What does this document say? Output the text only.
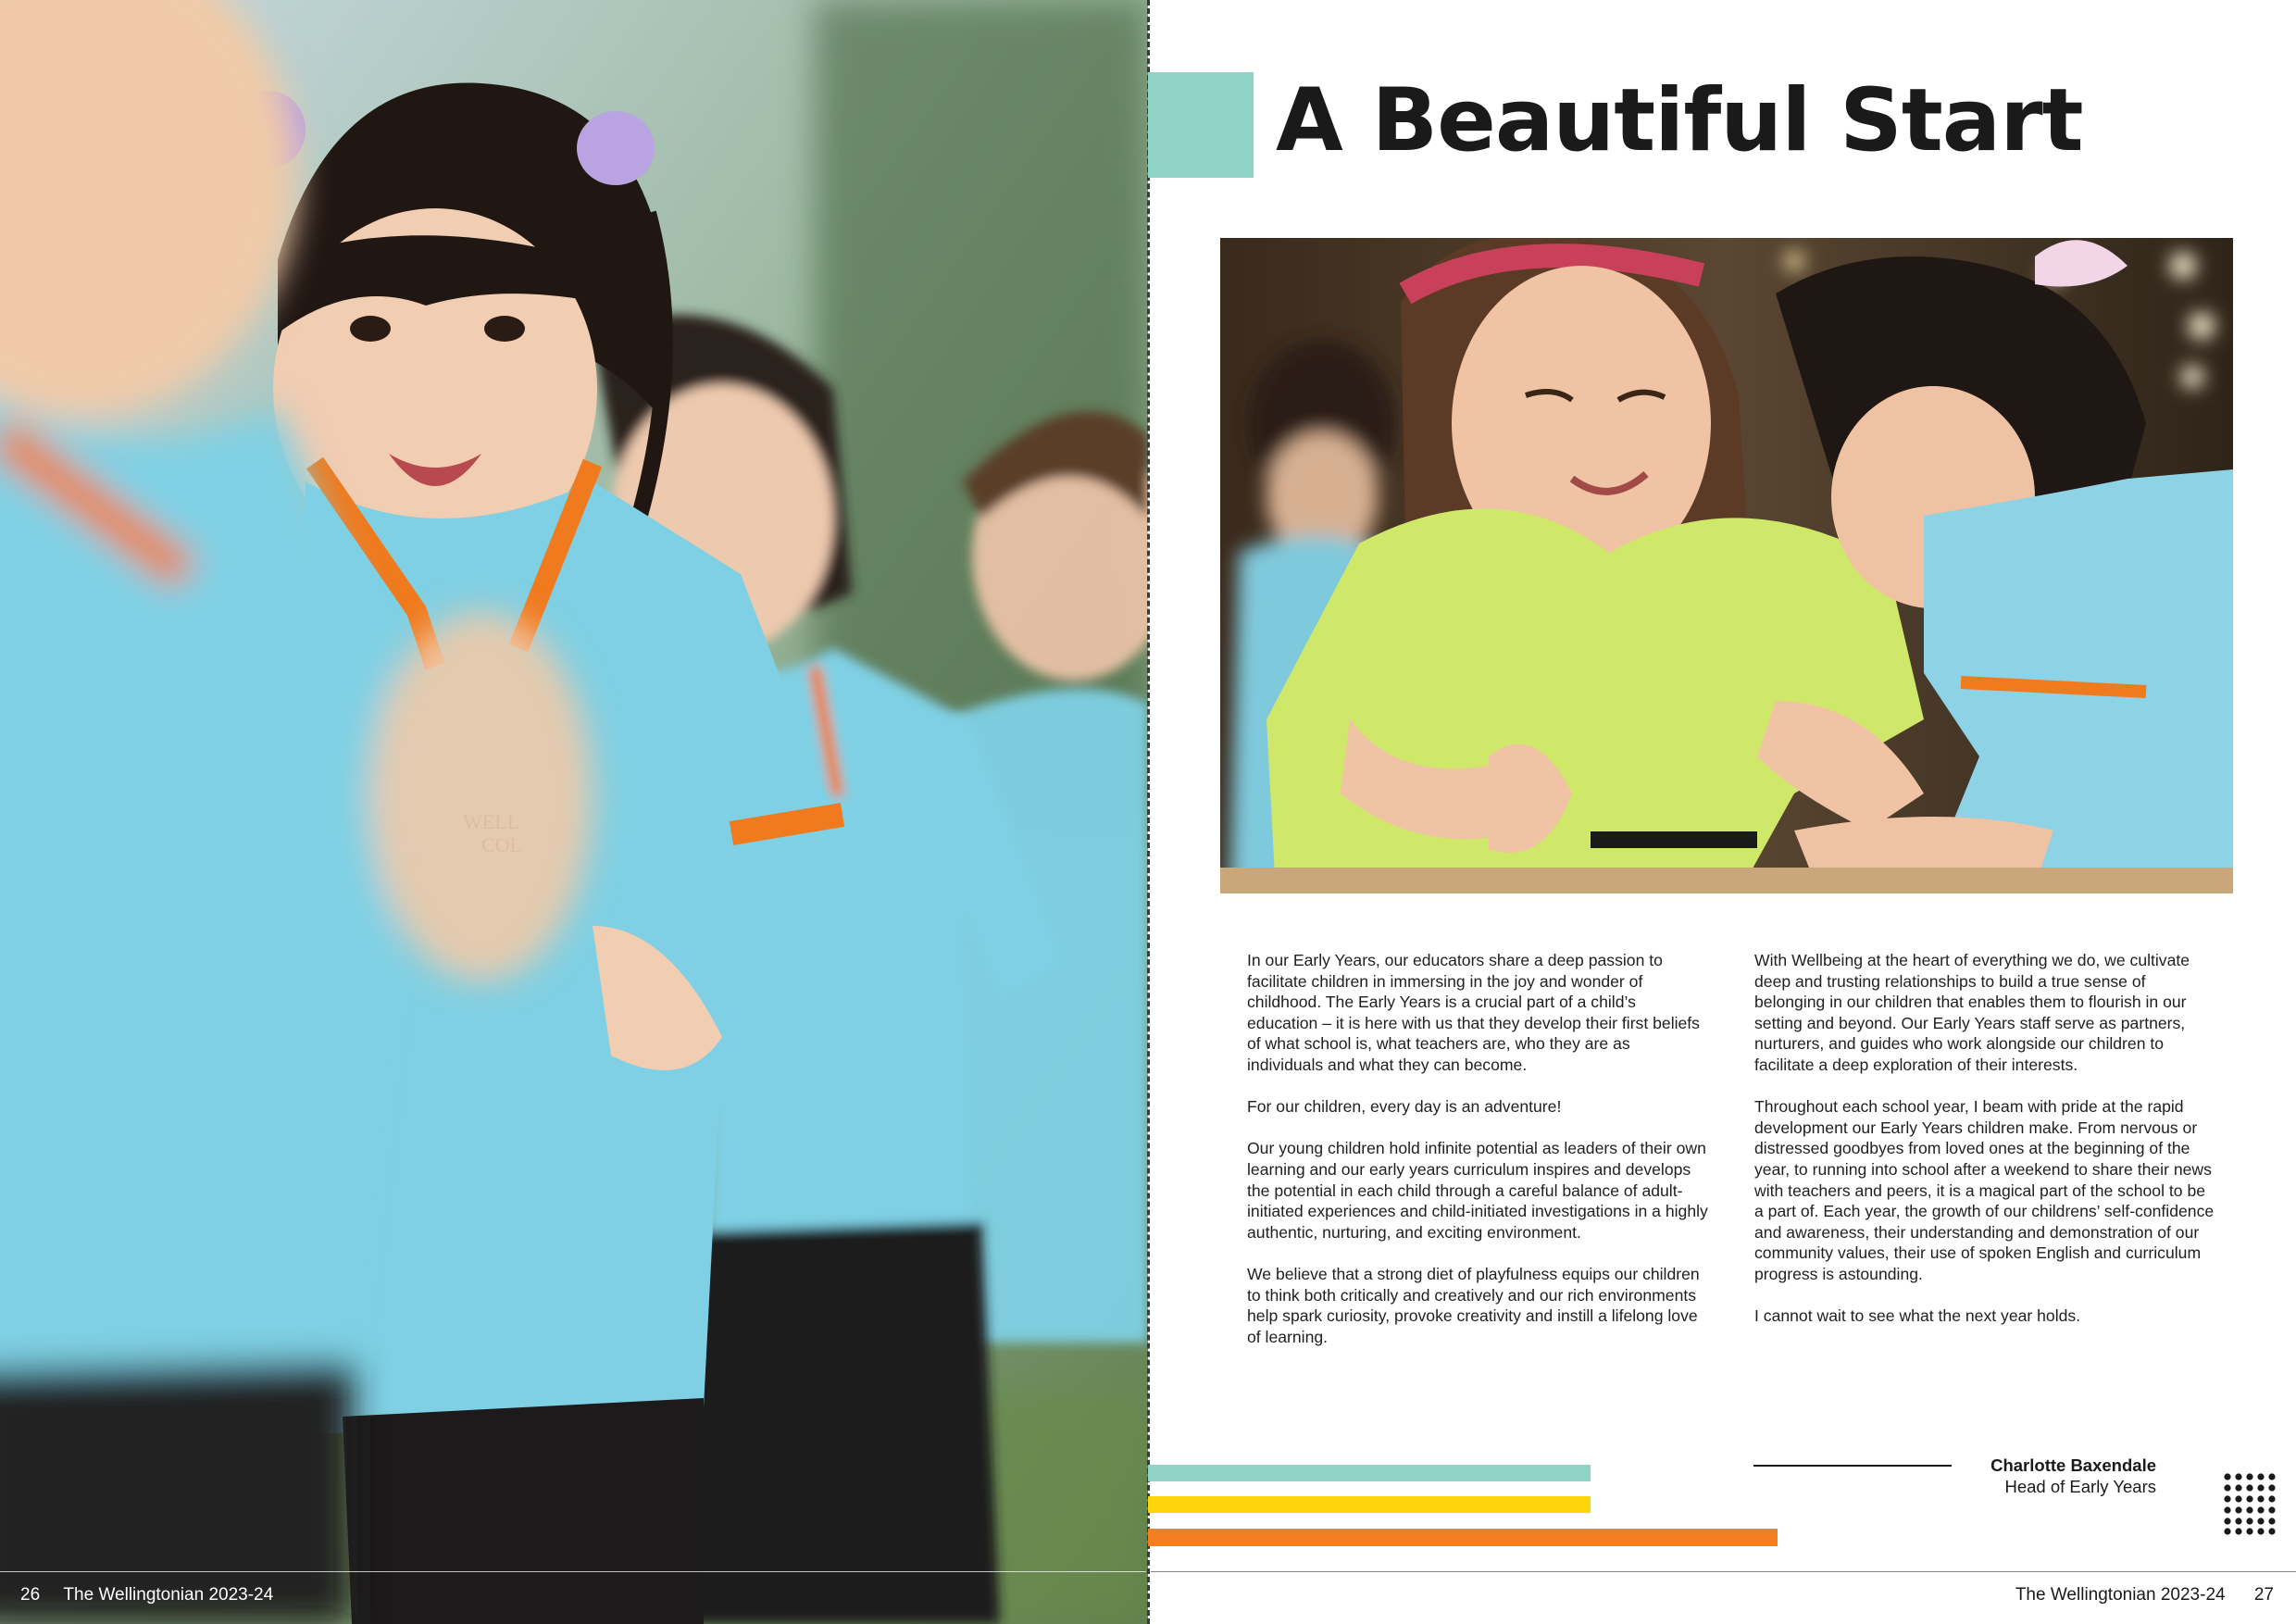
A Beautiful Start

In our Early Years, our educators share a deep passion to facilitate children in immersing in the joy and wonder of childhood. The Early Years is a crucial part of a child’s education – it is here with us that they develop their first beliefs of what school is, what teachers are, who they are as individuals and what they can become.

For our children, every day is an adventure!

Our young children hold infinite potential as leaders of their own learning and our early years curriculum inspires and develops the potential in each child through a careful balance of adult-initiated experiences and child-initiated investigations in a highly authentic, nurturing, and exciting environment.

We believe that a strong diet of playfulness equips our children to think both critically and creatively and our rich environments help spark curiosity, provoke creativity and instill a lifelong love of learning.

With Wellbeing at the heart of everything we do, we cultivate deep and trusting relationships to build a true sense of belonging in our children that enables them to flourish in our setting and beyond. Our Early Years staff serve as partners, nurturers, and guides who work alongside our children to facilitate a deep exploration of their interests.

Throughout each school year, I beam with pride at the rapid development our Early Years children make. From nervous or distressed goodbyes from loved ones at the beginning of the year, to running into school after a weekend to share their news with teachers and peers, it is a magical part of the school to be a part of. Each year, the growth of our childrens’ self-confidence and awareness, their understanding and demonstration of our community values, their use of spoken English and curriculum progress is astounding.

I cannot wait to see what the next year holds.

Charlotte Baxendale
Head of Early Years
26 The Wellingtonian 2023-24	The Wellingtonian 2023-24 27
